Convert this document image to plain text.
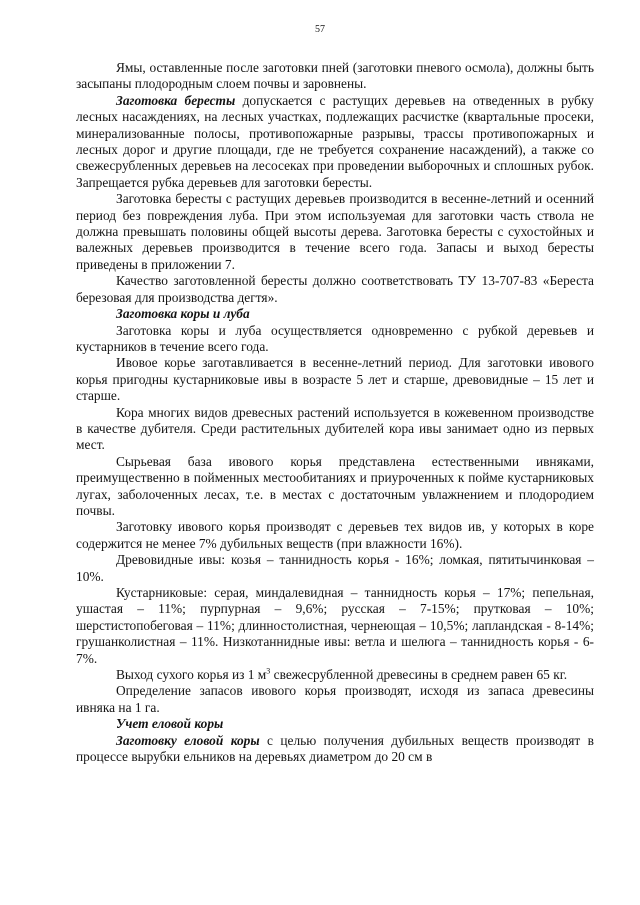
57

Ямы, оставленные после заготовки пней (заготовки пневого осмола), должны быть засыпаны плодородным слоем почвы и заровнены.

Заготовка бересты допускается с растущих деревьев на отведенных в рубку лесных насаждениях, на лесных участках, подлежащих расчистке (квартальные просеки, минерализованные полосы, противопожарные разрывы, трассы противопожарных и лесных дорог и другие площади, где не требуется сохранение насаждений), а также со свежесрубленных деревьев на лесосеках при проведении выборочных и сплошных рубок. Запрещается рубка деревьев для заготовки бересты.

Заготовка бересты с растущих деревьев производится в весенне-летний и осенний период без повреждения луба. При этом используемая для заготовки часть ствола не должна превышать половины общей высоты дерева. Заготовка бересты с сухостойных и валежных деревьев производится в течение всего года. Запасы и выход бересты приведены в приложении 7.

Качество заготовленной бересты должно соответствовать ТУ 13-707-83 «Береста березовая для производства дегтя».

Заготовка коры и луба

Заготовка коры и луба осуществляется одновременно с рубкой деревьев и кустарников в течение всего года.

Ивовое корье заготавливается в весенне-летний период. Для заготовки ивового корья пригодны кустарниковые ивы в возрасте 5 лет и старше, древовидные – 15 лет и старше.

Кора многих видов древесных растений используется в кожевенном производстве в качестве дубителя. Среди растительных дубителей кора ивы занимает одно из первых мест.

Сырьевая база ивового корья представлена естественными ивняками, преимущественно в пойменных местообитаниях и приуроченных к пойме кустарниковых лугах, заболоченных лесах, т.е. в местах с достаточным увлажнением и плодородием почвы.

Заготовку ивового корья производят с деревьев тех видов ив, у которых в коре содержится не менее 7% дубильных веществ (при влажности 16%).

Древовидные ивы: козья – таннидность корья - 16%; ломкая, пятитычинковая – 10%.

Кустарниковые: серая, миндалевидная – таннидность корья – 17%; пепельная, ушастая – 11%; пурпурная – 9,6%; русская – 7-15%; прутковая – 10%; шерстистопобеговая – 11%; длинностолистная, чернеющая – 10,5%; лапландская - 8-14%; грушанколистная – 11%. Низкотаннидные ивы: ветла и шелюга – таннидность корья - 6-7%.

Выход сухого корья из 1 $м^3$ свежесрубленной древесины в среднем равен 65 кг.

Определение запасов ивового корья производят, исходя из запаса древесины ивняка на 1 га.

Учет еловой коры

Заготовку еловой коры с целью получения дубильных веществ производят в процессе вырубки ельников на деревьях диаметром до 20 см в
